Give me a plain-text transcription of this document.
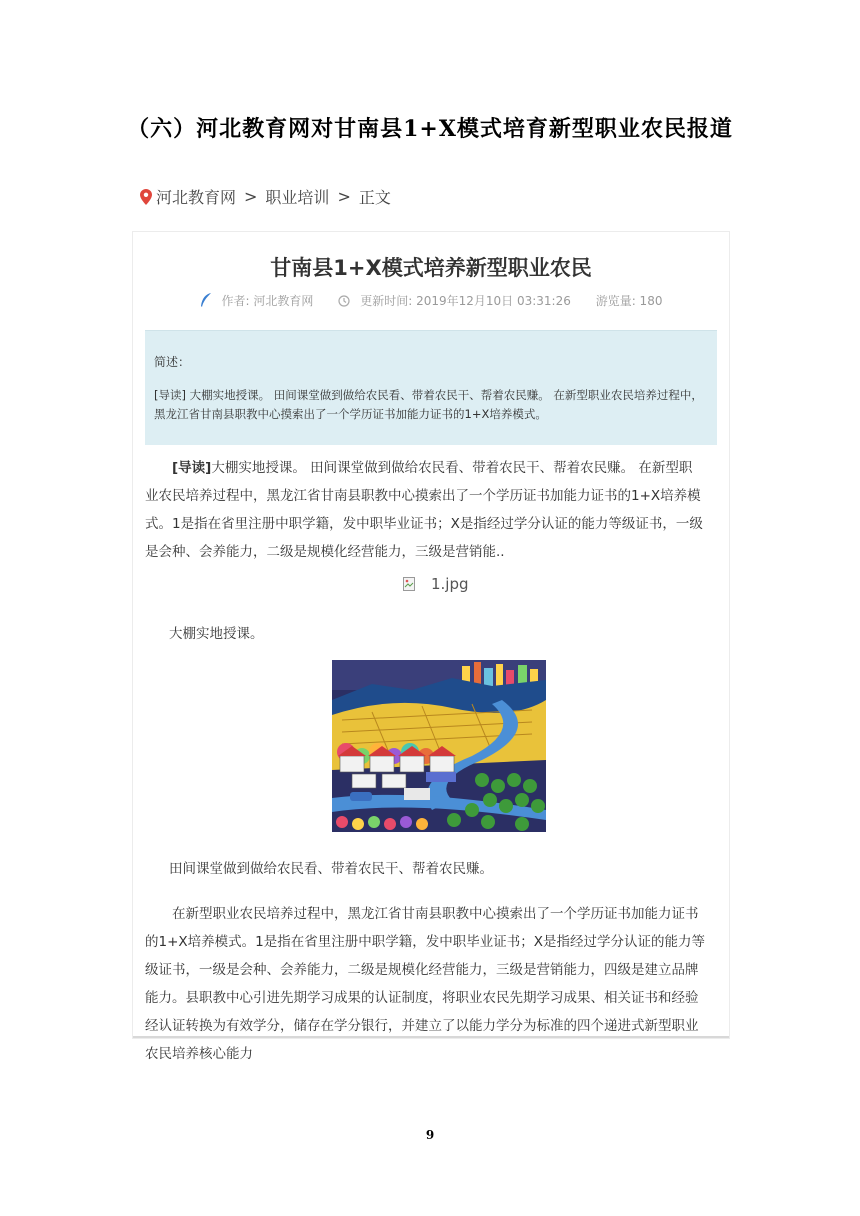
（六）河北教育网对甘南县1+X模式培育新型职业农民报道
河北教育网 > 职业培训 > 正文
甘南县1+X模式培养新型职业农民
作者: 河北教育网	更新时间: 2019年12月10日 03:31:26 游览量: 180
简述：
[导读] 大棚实地授课。 田间课堂做到做给农民看、带着农民干、帮着农民赚。 在新型职业农民培养过程中，黑龙江省甘南县职教中心摸索出了一个学历证书加能力证书的1+X培养模式。

[导读]大棚实地授课。 田间课堂做到做给农民看、带着农民干、帮着农民赚。 在新型职业农民培养过程中，黑龙江省甘南县职教中心摸索出了一个学历证书加能力证书的1+X培养模式。1是指在省里注册中职学籍，发中职毕业证书；X是指经过学分认证的能力等级证书，一级是会种、会养能力，二级是规模化经营能力，三级是营销能..

1.jpg
大棚实地授课。
田间课堂做到做给农民看、带着农民干、帮着农民赚。

在新型职业农民培养过程中，黑龙江省甘南县职教中心摸索出了一个学历证书加能力证书的1+X培养模式。1是指在省里注册中职学籍，发中职毕业证书；X是指经过学分认证的能力等级证书，一级是会种、会养能力，二级是规模化经营能力，三级是营销能力，四级是建立品牌能力。县职教中心引进先期学习成果的认证制度，将职业农民先期学习成果、相关证书和经验经认证转换为有效学分，储存在学分银行，并建立了以能力学分为标准的四个递进式新型职业农民培养核心能力

9
